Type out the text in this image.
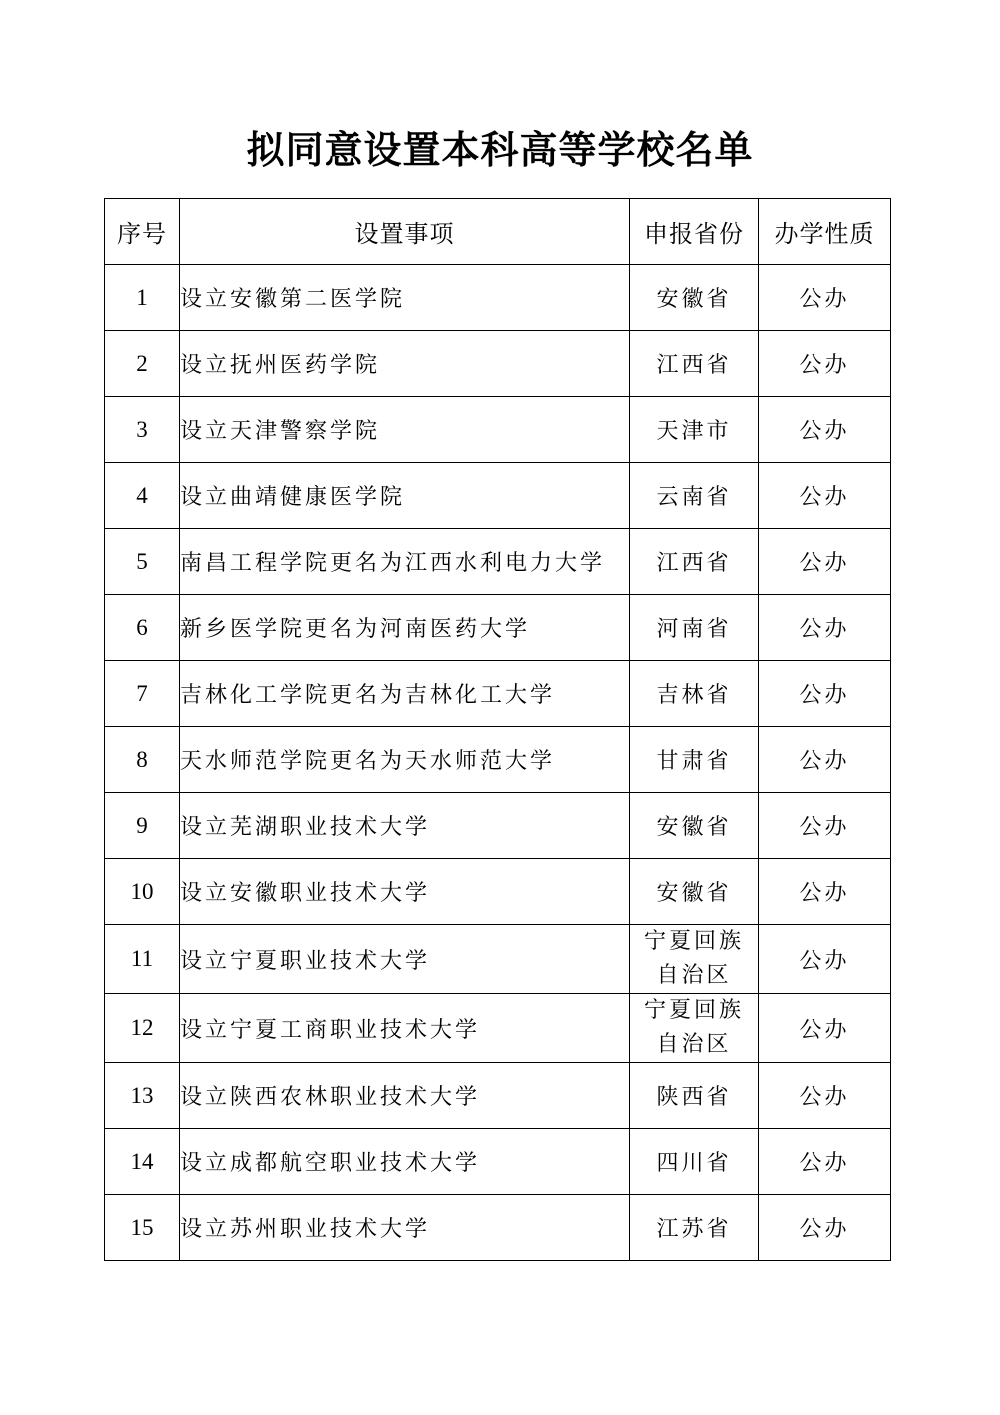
拟同意设置本科高等学校名单
序号	设置事项	申报省份	办学性质
1	设立安徽第二医学院	安徽省	公办
2	设立抚州医药学院	江西省	公办
3	设立天津警察学院	天津市	公办
4	设立曲靖健康医学院	云南省	公办
5	南昌工程学院更名为江西水利电力大学	江西省	公办
6	新乡医学院更名为河南医药大学	河南省	公办
7	吉林化工学院更名为吉林化工大学	吉林省	公办
8	天水师范学院更名为天水师范大学	甘肃省	公办
9	设立芜湖职业技术大学	安徽省	公办
10	设立安徽职业技术大学	安徽省	公办
11	设立宁夏职业技术大学	宁夏回族自治区	公办
12	设立宁夏工商职业技术大学	宁夏回族自治区	公办
13	设立陕西农林职业技术大学	陕西省	公办
14	设立成都航空职业技术大学	四川省	公办
15	设立苏州职业技术大学	江苏省	公办
